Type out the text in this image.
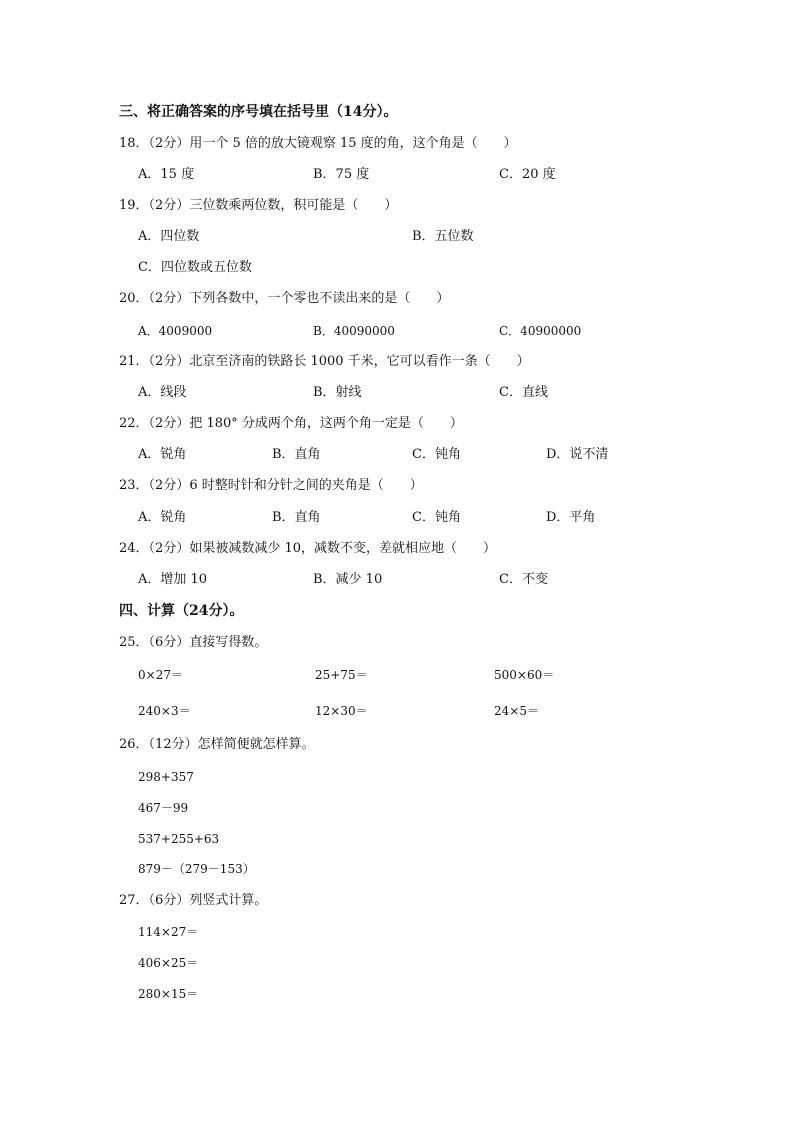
三、将正确答案的序号填在括号里（14分）。
18．（2分）用一个 5 倍的放大镜观察 15 度的角，这个角是（　　）
A．15 度	B．75 度	C．20 度
19．（2分）三位数乘两位数，积可能是（　　）
A．四位数	B．五位数
C．四位数或五位数
20．（2分）下列各数中，一个零也不读出来的是（　　）
A．4009000	B．40090000	C．40900000
21．（2分）北京至济南的铁路长 1000 千米，它可以看作一条（　　）
A．线段	B．射线	C．直线
22．（2分）把 180° 分成两个角，这两个角一定是（　　）
A．锐角	B．直角	C．钝角	D．说不清
23．（2分）6 时整时针和分针之间的夹角是（　　）
A．锐角	B．直角	C．钝角	D．平角
24．（2分）如果被减数减少 10，减数不变，差就相应地（　　）
A．增加 10	B．减少 10	C．不变
四、计算（24分）。
25．（6分）直接写得数。
0×27＝	25+75＝	500×60＝
240×3＝	12×30＝	24×5＝
26．（12分）怎样简便就怎样算。
298+357
467－99
537+255+63
879－（279－153）
27．（6分）列竖式计算。
114×27＝
406×25＝
280×15＝
